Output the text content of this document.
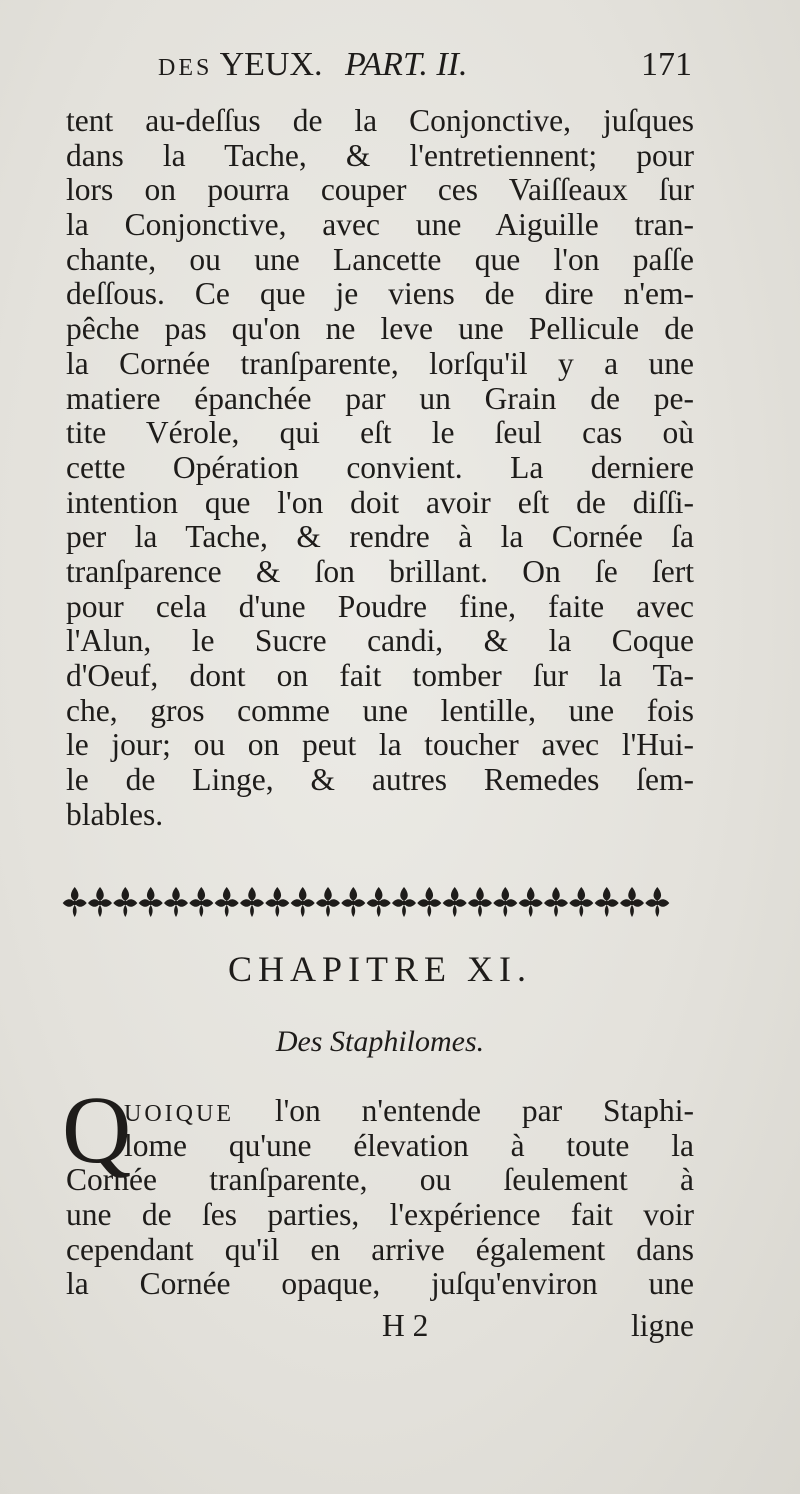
DES YEUX. PART. II.	171
tent au-deſſus de la Conjonctive, juſques
dans la Tache, & l'entretiennent; pour
lors on pourra couper ces Vaiſſeaux ſur
la Conjonctive, avec une Aiguille tran-
chante, ou une Lancette que l'on paſſe
deſſous. Ce que je viens de dire n'em-
pêche pas qu'on ne leve une Pellicule de
la Cornée tranſparente, lorſqu'il y a une
matiere épanchée par un Grain de pe-
tite Vérole, qui eſt le ſeul cas où
cette Opération convient. La derniere
intention que l'on doit avoir eſt de diſſi-
per la Tache, & rendre à la Cornée ſa
tranſparence & ſon brillant. On ſe ſert
pour cela d'une Poudre fine, faite avec
l'Alun, le Sucre candi, & la Coque
d'Oeuf, dont on fait tomber ſur la Ta-
che, gros comme une lentille, une fois
le jour; ou on peut la toucher avec l'Hui-
le de Linge, & autres Remedes ſem-
blables.
CHAPITRE XI.
Des Staphilomes.
Q
UOIQUE l'on n'entende par Staphi-
lome qu'une élevation à toute la
Cornée tranſparente, ou ſeulement à
une de ſes parties, l'expérience fait voir
cependant qu'il en arrive également dans
la Cornée opaque, juſqu'environ une
H 2	ligne
